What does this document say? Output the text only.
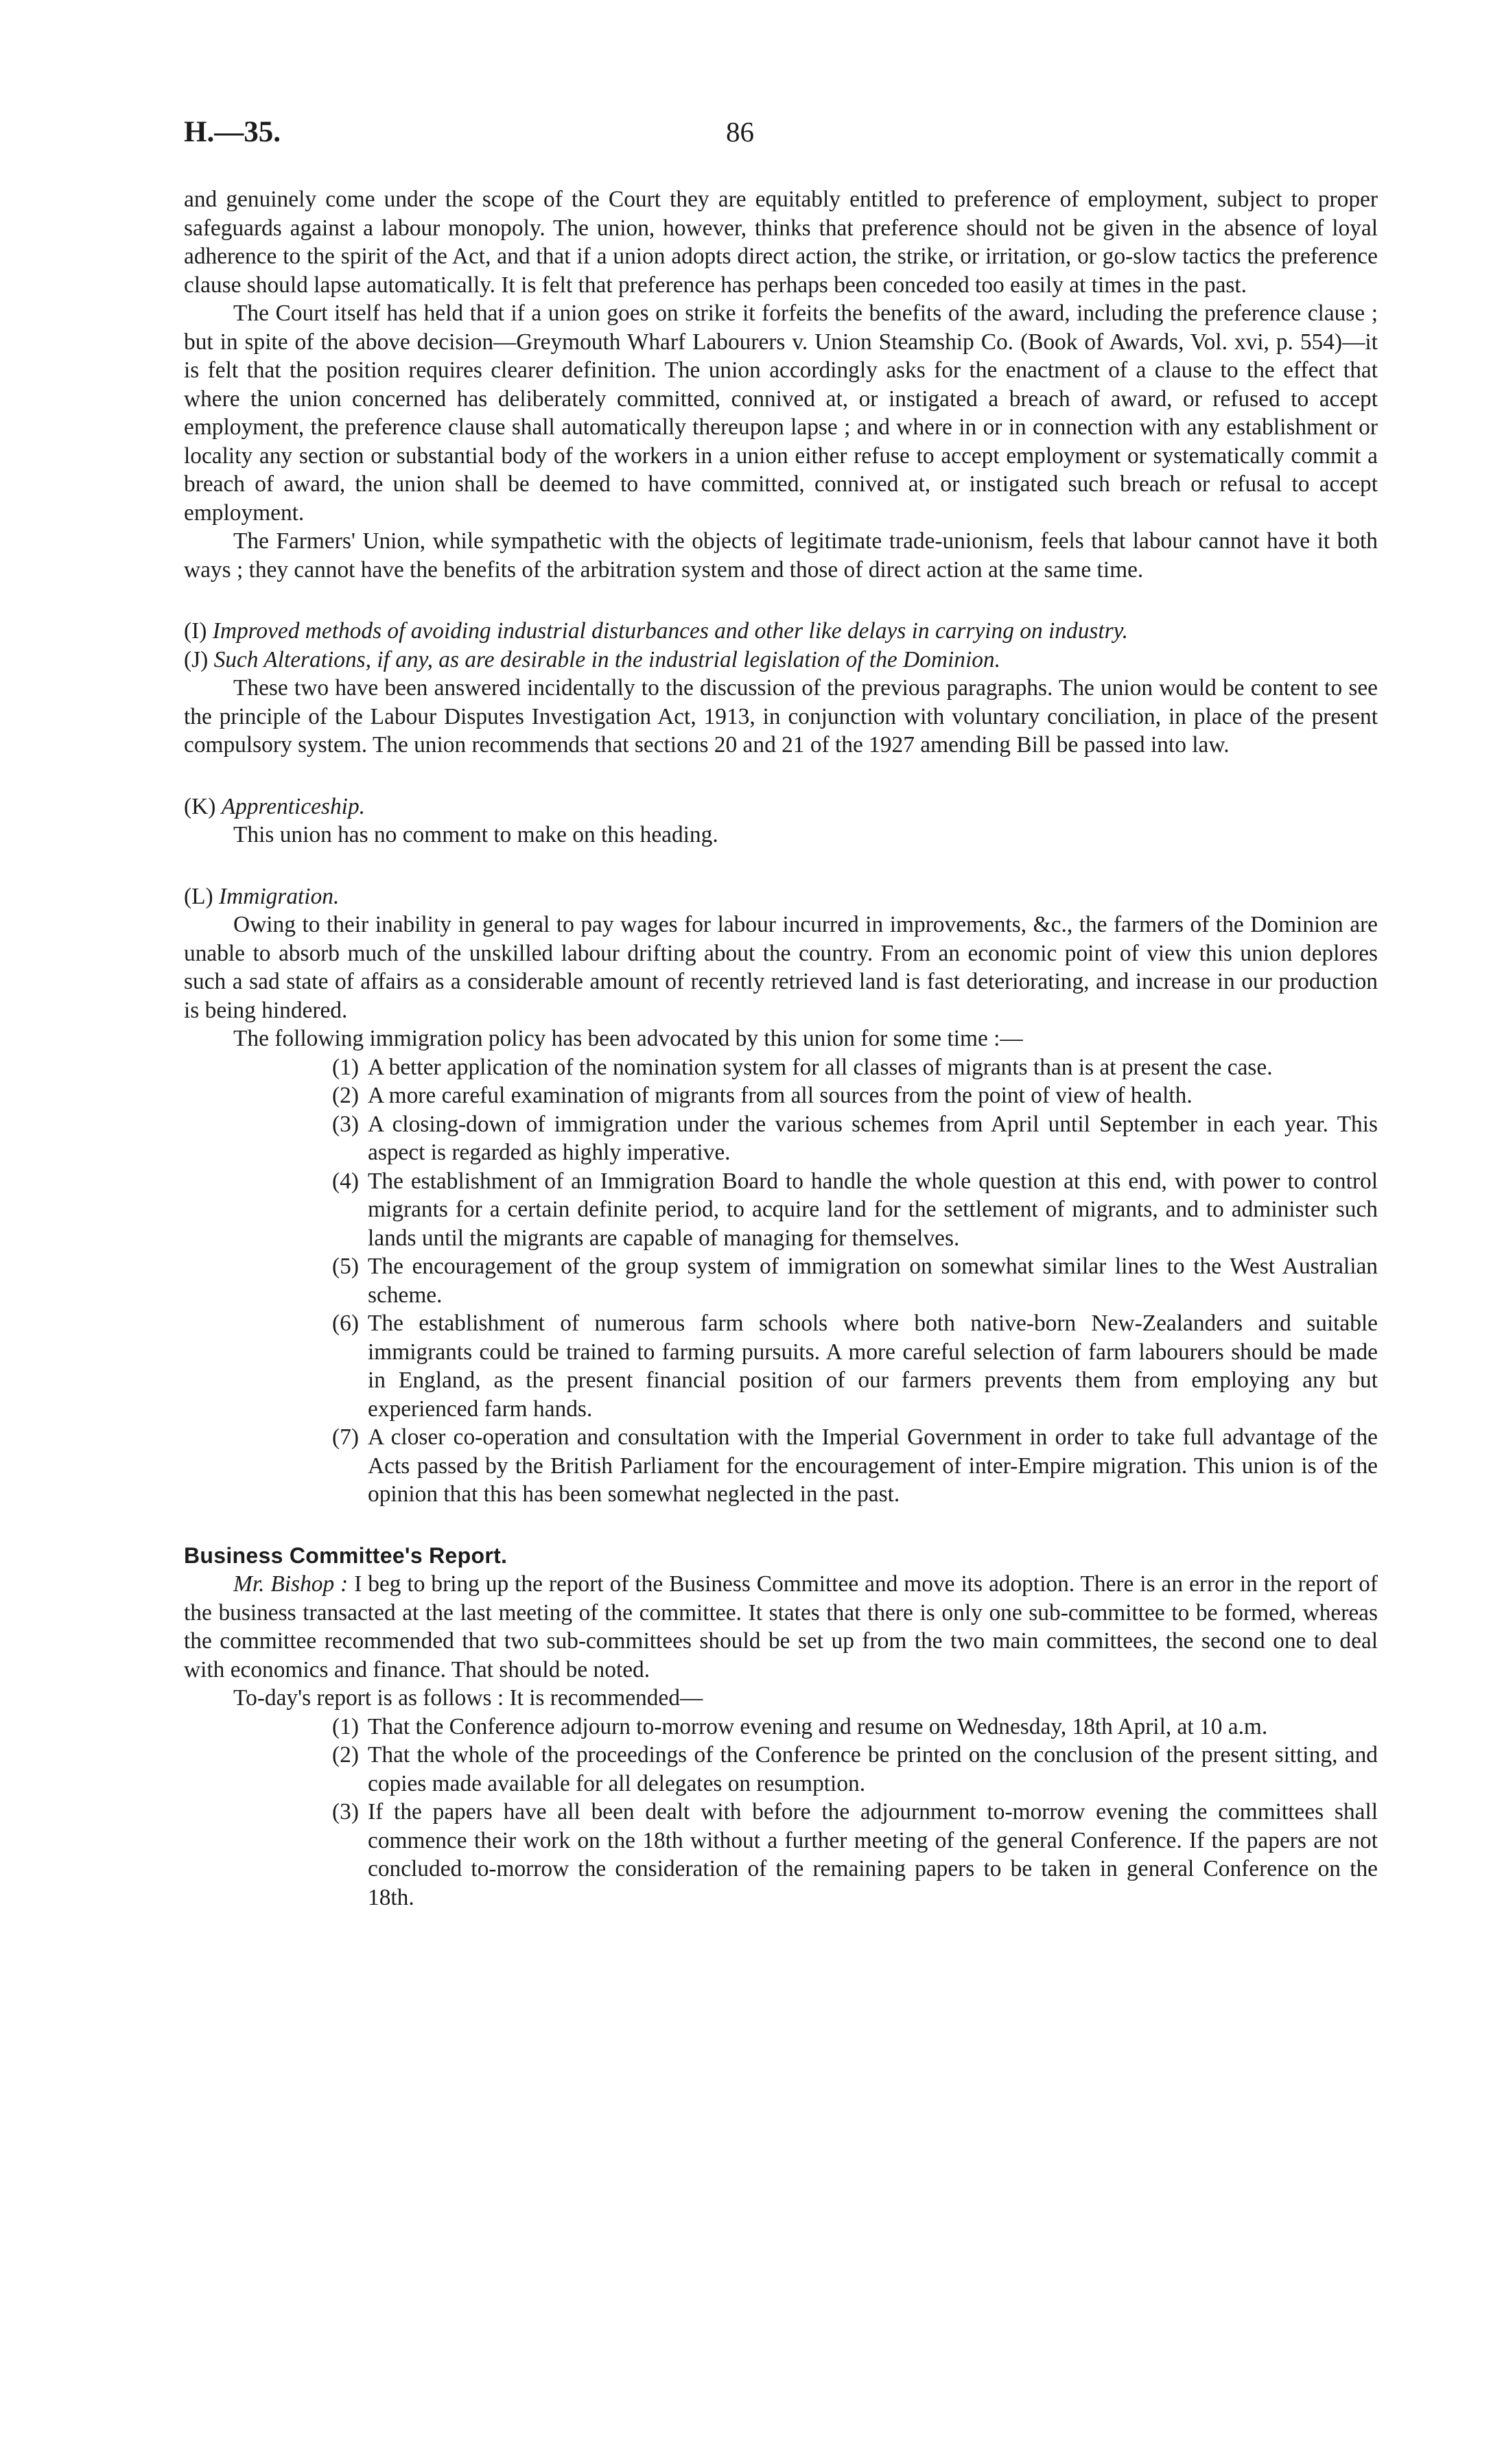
H.—35.	86

and genuinely come under the scope of the Court they are equitably entitled to preference of employment, subject to proper safeguards against a labour monopoly. The union, however, thinks that preference should not be given in the absence of loyal adherence to the spirit of the Act, and that if a union adopts direct action, the strike, or irritation, or go-slow tactics the preference clause should lapse automatically. It is felt that preference has perhaps been conceded too easily at times in the past.

The Court itself has held that if a union goes on strike it forfeits the benefits of the award, including the preference clause ; but in spite of the above decision—Greymouth Wharf Labourers v. Union Steamship Co. (Book of Awards, Vol. xvi, p. 554)—it is felt that the position requires clearer definition. The union accordingly asks for the enactment of a clause to the effect that where the union concerned has deliberately committed, connived at, or instigated a breach of award, or refused to accept employment, the preference clause shall automatically thereupon lapse ; and where in or in connection with any establishment or locality any section or substantial body of the workers in a union either refuse to accept employment or systematically commit a breach of award, the union shall be deemed to have committed, connived at, or instigated such breach or refusal to accept employment.

The Farmers' Union, while sympathetic with the objects of legitimate trade-unionism, feels that labour cannot have it both ways ; they cannot have the benefits of the arbitration system and those of direct action at the same time.

(I) Improved methods of avoiding industrial disturbances and other like delays in carrying on industry.

(J) Such Alterations, if any, as are desirable in the industrial legislation of the Dominion.

These two have been answered incidentally to the discussion of the previous paragraphs. The union would be content to see the principle of the Labour Disputes Investigation Act, 1913, in conjunction with voluntary conciliation, in place of the present compulsory system. The union recommends that sections 20 and 21 of the 1927 amending Bill be passed into law.

(K) Apprenticeship.

This union has no comment to make on this heading.

(L) Immigration.

Owing to their inability in general to pay wages for labour incurred in improvements, &c., the farmers of the Dominion are unable to absorb much of the unskilled labour drifting about the country. From an economic point of view this union deplores such a sad state of affairs as a considerable amount of recently retrieved land is fast deteriorating, and increase in our production is being hindered.

The following immigration policy has been advocated by this union for some time :—

(1) A better application of the nomination system for all classes of migrants than is at present the case.
(2) A more careful examination of migrants from all sources from the point of view of health.
(3) A closing-down of immigration under the various schemes from April until September in each year. This aspect is regarded as highly imperative.
(4) The establishment of an Immigration Board to handle the whole question at this end, with power to control migrants for a certain definite period, to acquire land for the settlement of migrants, and to administer such lands until the migrants are capable of managing for themselves.
(5) The encouragement of the group system of immigration on somewhat similar lines to the West Australian scheme.
(6) The establishment of numerous farm schools where both native-born New-Zealanders and suitable immigrants could be trained to farming pursuits. A more careful selection of farm labourers should be made in England, as the present financial position of our farmers prevents them from employing any but experienced farm hands.
(7) A closer co-operation and consultation with the Imperial Government in order to take full advantage of the Acts passed by the British Parliament for the encouragement of inter-Empire migration. This union is of the opinion that this has been somewhat neglected in the past.

Business Committee's Report.

Mr. Bishop : I beg to bring up the report of the Business Committee and move its adoption. There is an error in the report of the business transacted at the last meeting of the committee. It states that there is only one sub-committee to be formed, whereas the committee recommended that two sub-committees should be set up from the two main committees, the second one to deal with economics and finance. That should be noted.

To-day's report is as follows : It is recommended—

(1) That the Conference adjourn to-morrow evening and resume on Wednesday, 18th April, at 10 a.m.
(2) That the whole of the proceedings of the Conference be printed on the conclusion of the present sitting, and copies made available for all delegates on resumption.
(3) If the papers have all been dealt with before the adjournment to-morrow evening the committees shall commence their work on the 18th without a further meeting of the general Conference. If the papers are not concluded to-morrow the consideration of the remaining papers to be taken in general Conference on the 18th.
